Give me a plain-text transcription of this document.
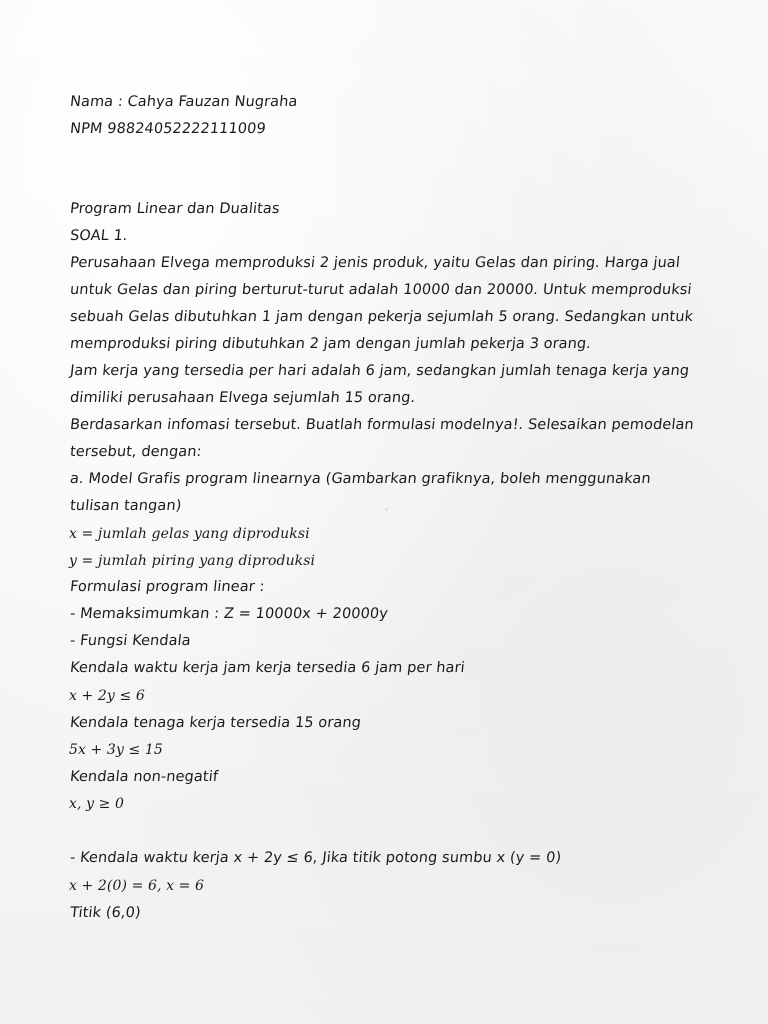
Nama : Cahya Fauzan Nugraha
NPM 98824052222111009
Program Linear dan Dualitas
SOAL 1.
Perusahaan Elvega memproduksi 2 jenis produk, yaitu Gelas dan piring. Harga jual
untuk Gelas dan piring berturut-turut adalah 10000 dan 20000. Untuk memproduksi
sebuah Gelas dibutuhkan 1 jam dengan pekerja sejumlah 5 orang. Sedangkan untuk
memproduksi piring dibutuhkan 2 jam dengan jumlah pekerja 3 orang.
Jam kerja yang tersedia per hari adalah 6 jam, sedangkan jumlah tenaga kerja yang
dimiliki perusahaan Elvega sejumlah 15 orang.
Berdasarkan infomasi tersebut. Buatlah formulasi modelnya!. Selesaikan pemodelan
tersebut, dengan:
a. Model Grafis program linearnya (Gambarkan grafiknya, boleh menggunakan
tulisan tangan)
x = jumlah gelas yang diproduksi
y = jumlah piring yang diproduksi
Formulasi program linear :
- Memaksimumkan : Z = 10000x + 20000y
- Fungsi Kendala
Kendala waktu kerja jam kerja tersedia 6 jam per hari
x + 2y ≤ 6
Kendala tenaga kerja tersedia 15 orang
5x + 3y ≤ 15
Kendala non-negatif
x, y ≥ 0
- Kendala waktu kerja x + 2y ≤ 6, Jika titik potong sumbu x (y = 0)
x + 2(0) = 6, x = 6
Titik (6,0)
